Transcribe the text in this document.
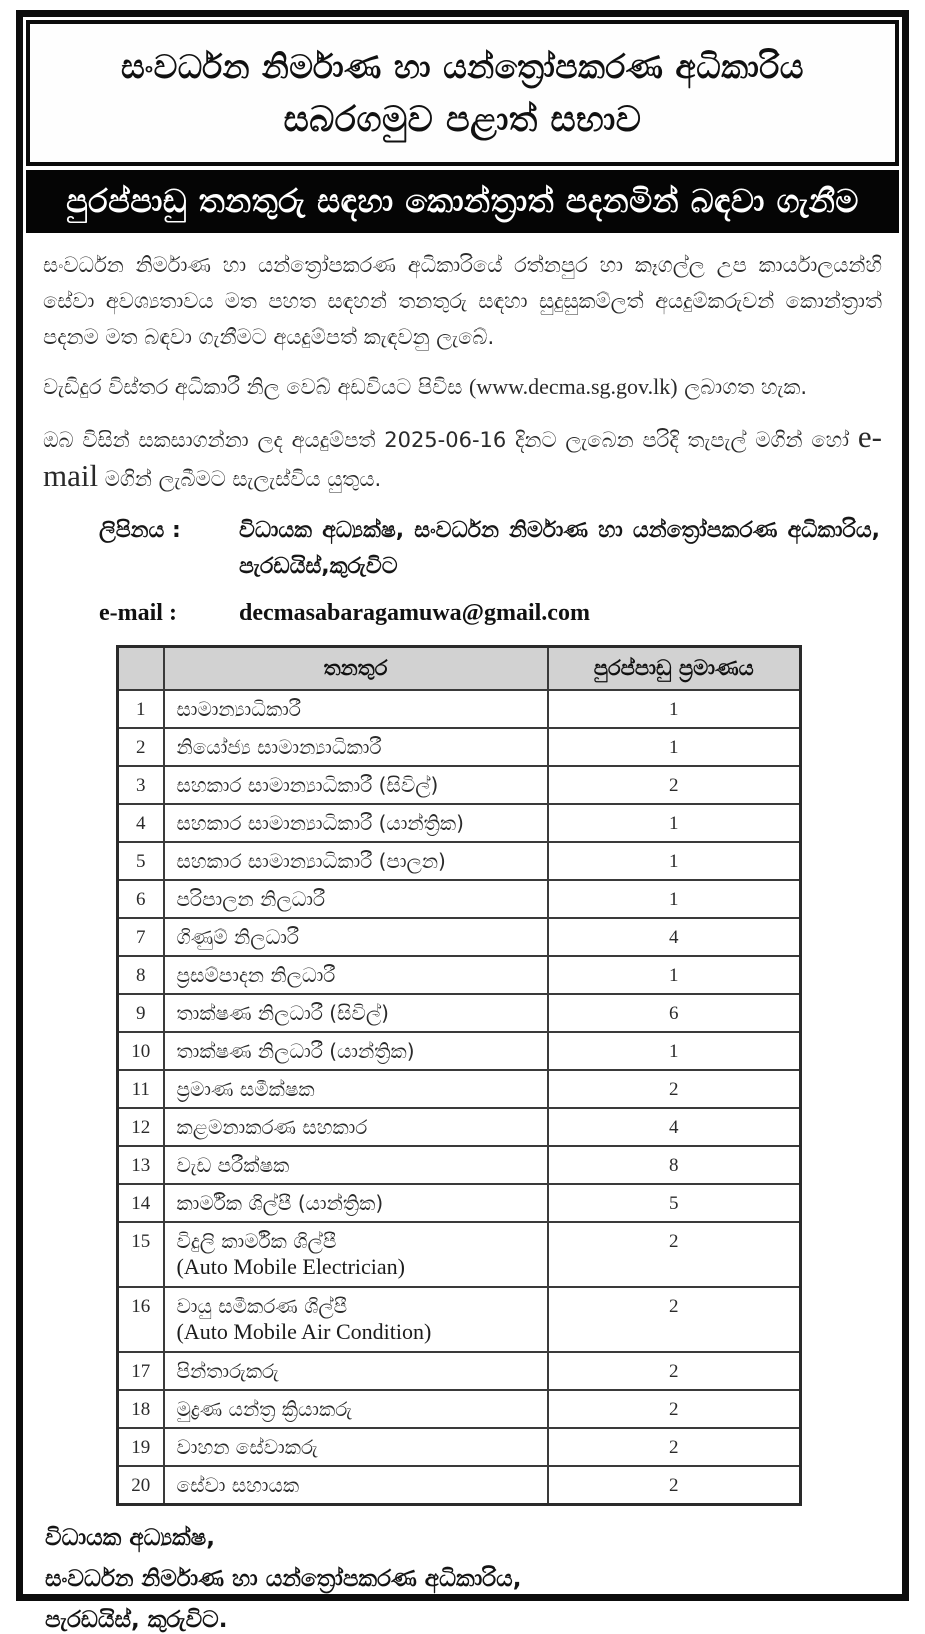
සංවර්ධන නිර්මාණ හා යන්ත්‍රෝපකරණ අධිකාරිය
සබරගමුව පළාත් සභාව
පුරප්පාඩු තනතුරු සඳහා කොන්ත්‍රාත් පදනමින් බඳවා ගැනීම

සංවර්ධන නිර්මාණ හා යන්ත්‍රෝපකරණ අධිකාරියේ රත්නපුර හා කෑගල්ල උප කාර්යාලයන්හි සේවා අවශ්‍යතාවය මත පහත සඳහන් තනතුරු සඳහා සුදුසුකම්ලත් අයදුම්කරුවන් කොන්ත්‍රාත් පදනම මත බඳවා ගැනීමට අයදුම්පත් කැඳවනු ලැබේ.

වැඩිදුර විස්තර අධිකාරී නිල වෙබ් අඩවියට පිවිස (www.decma.sg.gov.lk) ලබාගත හැක.

ඔබ විසින් සකසාගන්නා ලද අයදුම්පත් 2025-06-16 දිනට ලැබෙන පරිදි තැපැල් මගින් හෝ e-mail මගින් ලැබීමට සැලැස්විය යුතුය.

ලිපිනය :	විධායක අධ්‍යක්ෂ, සංවර්ධන නිර්මාණ හා යන්ත්‍රෝපකරණ අධිකාරිය, පැරඩයිස්,කුරුවිට
e-mail :	decmasabaragamuwa@gmail.com
	තනතුර	පුරප්පාඩු ප්‍රමාණය
1	සාමාන්‍යාධිකාරී	1
2	නියෝජ්‍ය සාමාන්‍යාධිකාරී	1
3	සහකාර සාමාන්‍යාධිකාරී (සිවිල්)	2
4	සහකාර සාමාන්‍යාධිකාරී (යාන්ත්‍රික)	1
5	සහකාර සාමාන්‍යාධිකාරී (පාලන)	1
6	පරිපාලන නිලධාරී	1
7	ගිණුම් නිලධාරී	4
8	ප්‍රසම්පාදන නිලධාරී	1
9	තාක්ෂණ නිලධාරී (සිවිල්)	6
10	තාක්ෂණ නිලධාරී (යාන්ත්‍රික)	1
11	ප්‍රමාණ සමීක්ෂක	2
12	කළමනාකරණ සහකාර	4
13	වැඩ පරීක්ෂක	8
14	කාර්මික ශිල්පී (යාන්ත්‍රික)	5
15	විදුලි කාර්මික ශිල්පී
(Auto Mobile Electrician)	2
16	වායු සමීකරණ ශිල්පී
(Auto Mobile Air Condition)	2
17	පින්තාරුකරු	2
18	මුද්‍රණ යන්ත්‍ර ක්‍රියාකරු	2
19	වාහන සේවාකරු	2
20	සේවා සහායක	2
විධායක අධ්‍යක්ෂ,
සංවර්ධන නිර්මාණ හා යන්ත්‍රෝපකරණ අධිකාරිය,
පැරඩයිස්, කුරුවිට.
